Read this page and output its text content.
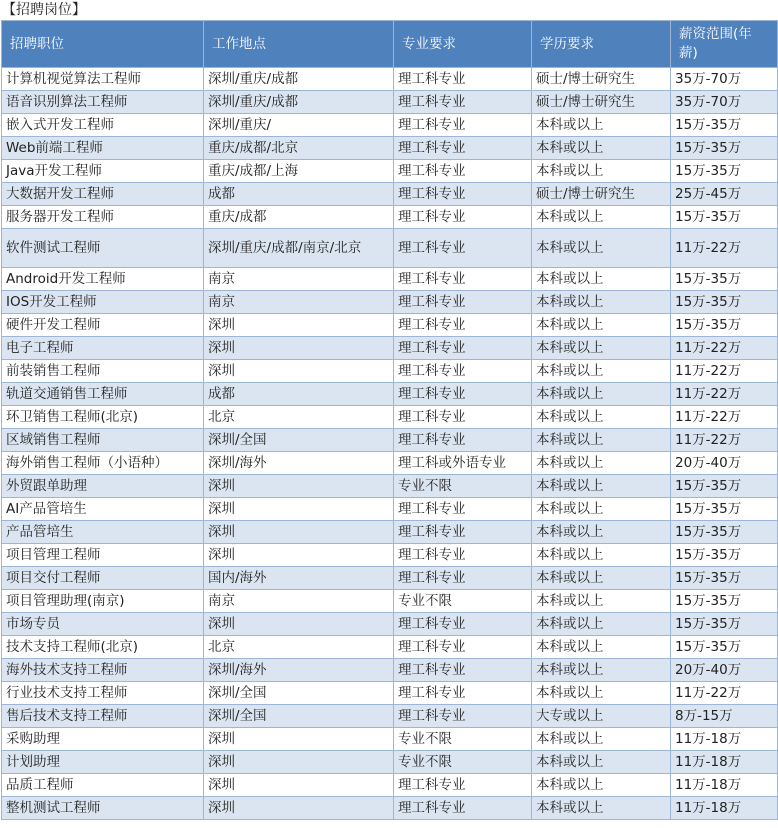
【招聘岗位】
招聘职位	工作地点	专业要求	学历要求	薪资范围(年薪)
计算机视觉算法工程师	深圳/重庆/成都	理工科专业	硕士/博士研究生	35万-70万
语音识别算法工程师	深圳/重庆/成都	理工科专业	硕士/博士研究生	35万-70万
嵌入式开发工程师	深圳/重庆/	理工科专业	本科或以上	15万-35万
Web前端工程师	重庆/成都/北京	理工科专业	本科或以上	15万-35万
Java开发工程师	重庆/成都/上海	理工科专业	本科或以上	15万-35万
大数据开发工程师	成都	理工科专业	硕士/博士研究生	25万-45万
服务器开发工程师	重庆/成都	理工科专业	本科或以上	15万-35万
软件测试工程师	深圳/重庆/成都/南京/北京	理工科专业	本科或以上	11万-22万
Android开发工程师	南京	理工科专业	本科或以上	15万-35万
IOS开发工程师	南京	理工科专业	本科或以上	15万-35万
硬件开发工程师	深圳	理工科专业	本科或以上	15万-35万
电子工程师	深圳	理工科专业	本科或以上	11万-22万
前装销售工程师	深圳	理工科专业	本科或以上	11万-22万
轨道交通销售工程师	成都	理工科专业	本科或以上	11万-22万
环卫销售工程师(北京)	北京	理工科专业	本科或以上	11万-22万
区域销售工程师	深圳/全国	理工科专业	本科或以上	11万-22万
海外销售工程师（小语种）	深圳/海外	理工科或外语专业	本科或以上	20万-40万
外贸跟单助理	深圳	专业不限	本科或以上	15万-35万
AI产品管培生	深圳	理工科专业	本科或以上	15万-35万
产品管培生	深圳	理工科专业	本科或以上	15万-35万
项目管理工程师	深圳	理工科专业	本科或以上	15万-35万
项目交付工程师	国内/海外	理工科专业	本科或以上	15万-35万
项目管理助理(南京)	南京	专业不限	本科或以上	15万-35万
市场专员	深圳	理工科专业	本科或以上	15万-35万
技术支持工程师(北京)	北京	理工科专业	本科或以上	15万-35万
海外技术支持工程师	深圳/海外	理工科专业	本科或以上	20万-40万
行业技术支持工程师	深圳/全国	理工科专业	本科或以上	11万-22万
售后技术支持工程师	深圳/全国	理工科专业	大专或以上	8万-15万
采购助理	深圳	专业不限	本科或以上	11万-18万
计划助理	深圳	专业不限	本科或以上	11万-18万
品质工程师	深圳	理工科专业	本科或以上	11万-18万
整机测试工程师	深圳	理工科专业	本科或以上	11万-18万
